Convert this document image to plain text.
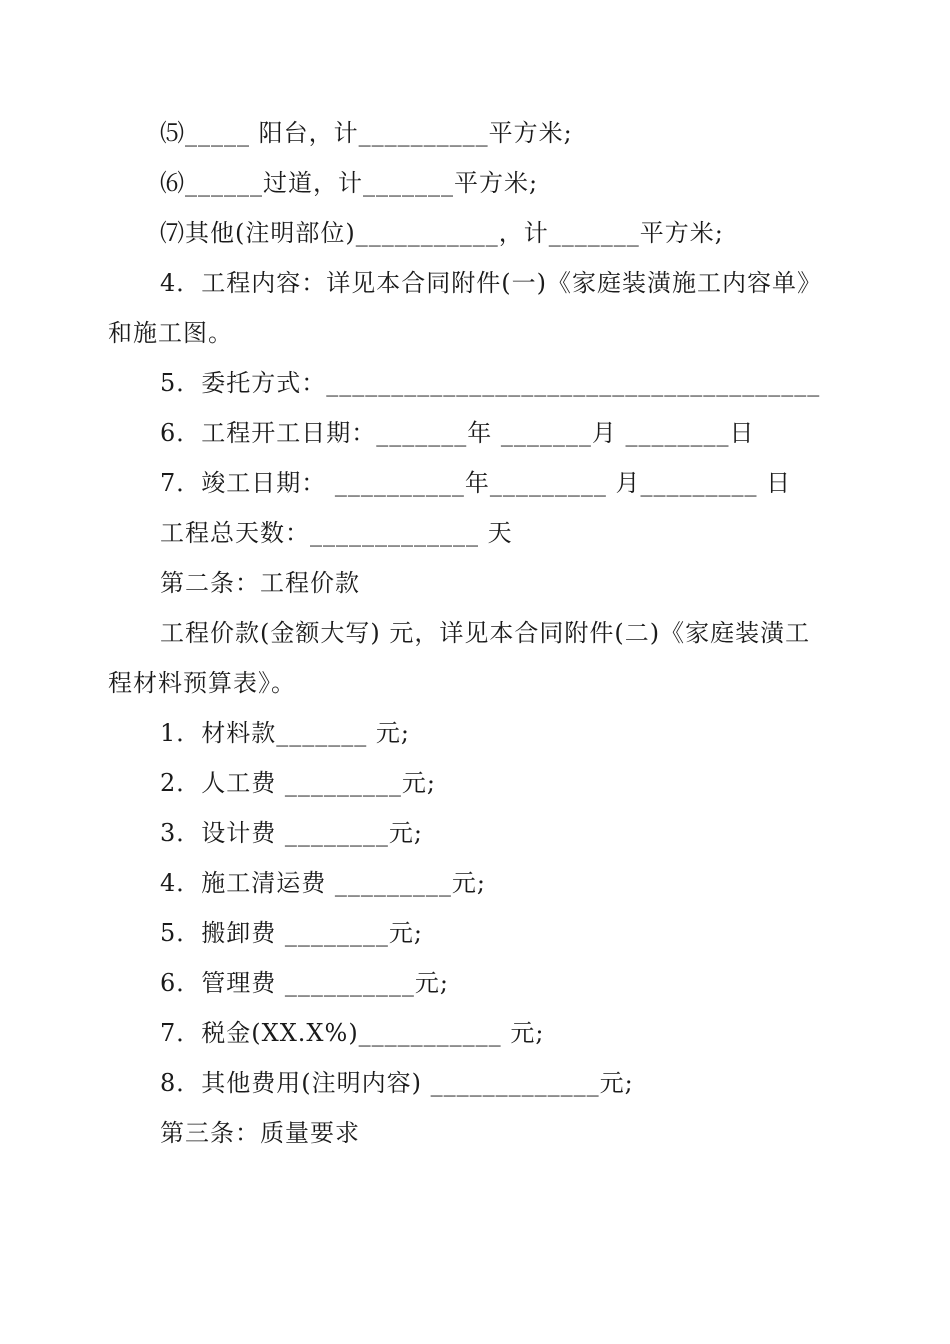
⑸_____ 阳台，计__________平方米;
⑹______过道，计_______平方米;
⑺其他(注明部位)___________，计_______平方米;
4．工程内容：详见本合同附件(一)《家庭装潢施工内容单》
和施工图。
5．委托方式：______________________________________
6．工程开工日期：_______年 _______月 ________日
7．竣工日期： __________年_________ 月_________ 日
工程总天数：_____________ 天
第二条：工程价款
工程价款(金额大写) 元，详见本合同附件(二)《家庭装潢工
程材料预算表》。
1．材料款_______ 元;
2．人工费 _________元;
3．设计费 ________元;
4．施工清运费 _________元;
5．搬卸费 ________元;
6．管理费 __________元;
7．税金(XX.X%)___________ 元;
8．其他费用(注明内容) _____________元;
第三条：质量要求
